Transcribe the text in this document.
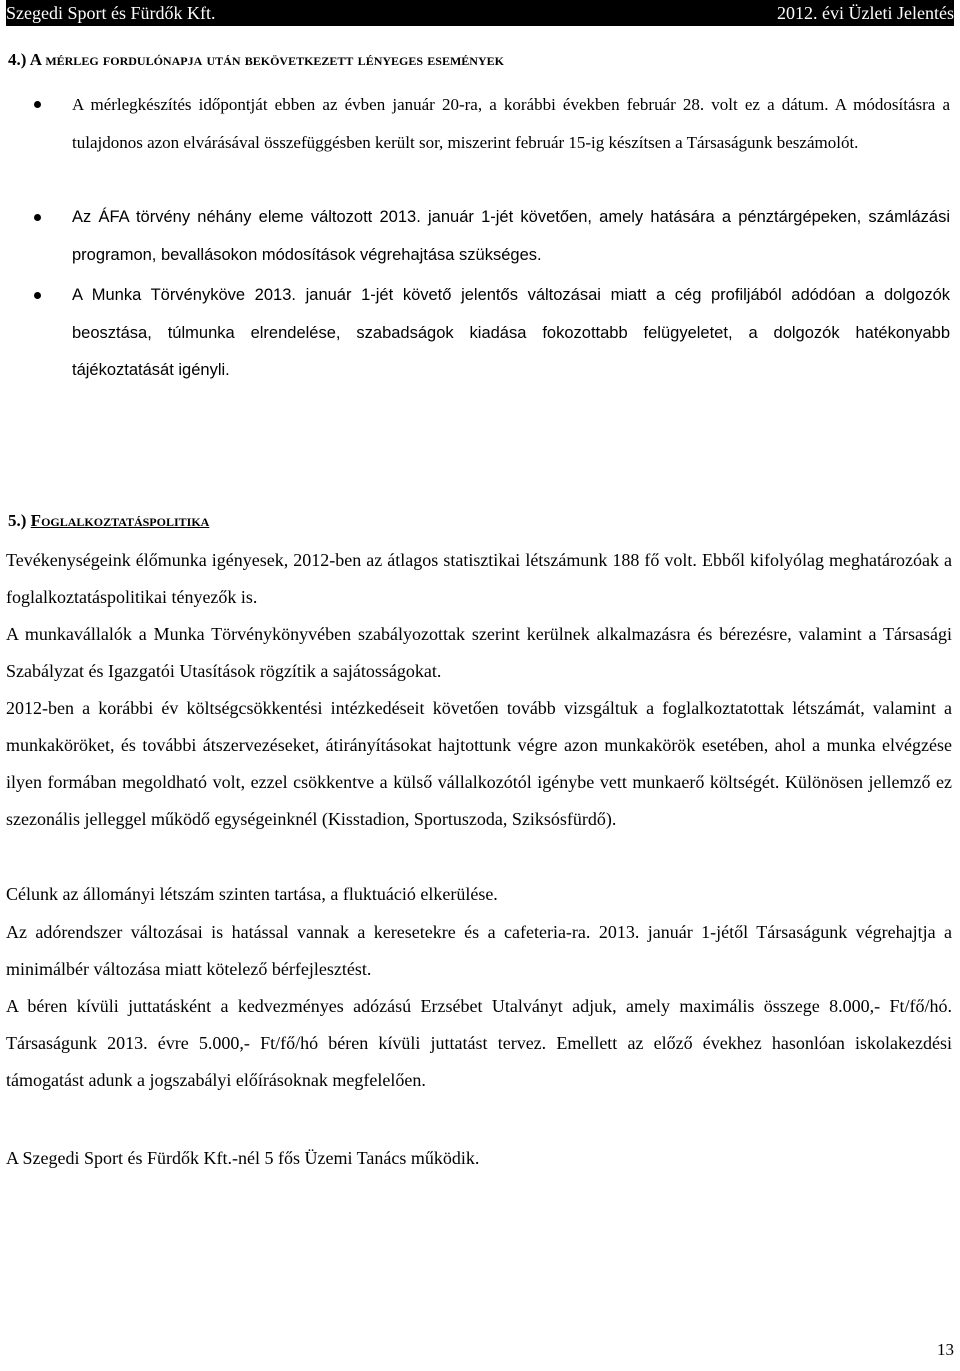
Szegedi Sport és Fürdők Kft.	2012. évi Üzleti Jelentés
4.) A mérleg fordulónapja után bekövetkezett lényeges események
A mérlegkészítés időpontját ebben az évben január 20-ra, a korábbi években február 28. volt ez a dátum. A módosításra a tulajdonos azon elvárásával összefüggésben került sor, miszerint február 15-ig készítsen a Társaságunk beszámolót.
Az ÁFA törvény néhány eleme változott 2013. január 1-jét követően, amely hatására a pénztárgépeken, számlázási programon, bevallásokon módosítások végrehajtása szükséges.
A Munka Törvényköve 2013. január 1-jét követő jelentős változásai miatt a cég profiljából adódóan a dolgozók beosztása, túlmunka elrendelése, szabadságok kiadása fokozottabb felügyeletet, a dolgozók hatékonyabb tájékoztatását igényli.
5.) Foglalkoztatáspolitika
Tevékenységeink élőmunka igényesek, 2012-ben az átlagos statisztikai létszámunk 188 fő volt. Ebből kifolyólag meghatározóak a foglalkoztatáspolitikai tényezők is.
A munkavállalók a Munka Törvénykönyvében szabályozottak szerint kerülnek alkalmazásra és bérezésre, valamint a Társasági Szabályzat és Igazgatói Utasítások rögzítik a sajátosságokat.
2012-ben a korábbi év költségcsökkentési intézkedéseit követően tovább vizsgáltuk a foglalkoztatottak létszámát, valamint a munkaköröket, és további átszervezéseket, átirányításokat hajtottunk végre azon munkakörök esetében, ahol a munka elvégzése ilyen formában megoldható volt, ezzel csökkentve a külső vállalkozótól igénybe vett munkaerő költségét. Különösen jellemző ez szezonális jelleggel működő egységeinknél (Kisstadion, Sportuszoda, Sziksósfürdő).
Célunk az állományi létszám szinten tartása, a fluktuáció elkerülése.
Az adórendszer változásai is hatással vannak a keresetekre és a cafeteria-ra. 2013. január 1-jétől Társaságunk végrehajtja a minimálbér változása miatt kötelező bérfejlesztést.
A béren kívüli juttatásként a kedvezményes adózású Erzsébet Utalványt adjuk, amely maximális összege 8.000,- Ft/fő/hó. Társaságunk 2013. évre 5.000,- Ft/fő/hó béren kívüli juttatást tervez. Emellett az előző évekhez hasonlóan iskolakezdési támogatást adunk a jogszabályi előírásoknak megfelelően.
A Szegedi Sport és Fürdők Kft.-nél 5 fős Üzemi Tanács működik.
13
